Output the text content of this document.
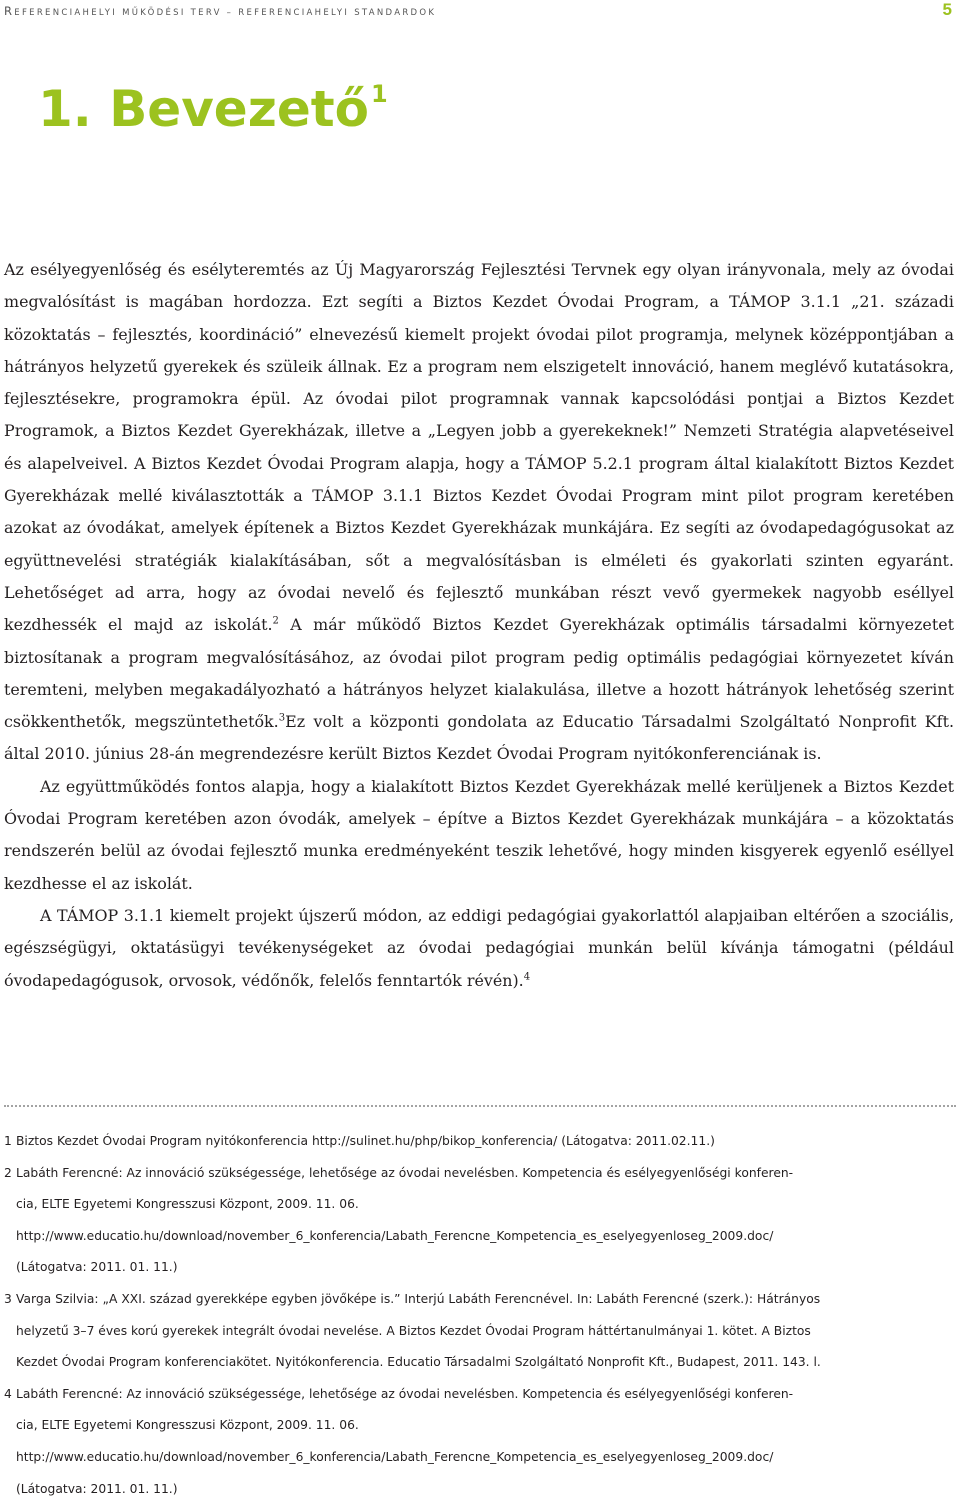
REFERENCIAHELYI MŰKÖDÉSI TERV – REFERENCIAHELYI STANDARDOK	5
1. Bevezető$^1$

Az esélyegyenlőség és esélyteremtés az Új Magyarország Fejlesztési Tervnek egy olyan irányvonala, mely az óvodai megvalósítást is magában hordozza. Ezt segíti a Biztos Kezdet Óvodai Program, a TÁMOP 3.1.1 „21. századi közoktatás – fejlesztés, koordináció” elnevezésű kiemelt projekt óvodai pilot programja, melynek középpontjában a hátrányos helyzetű gyerekek és szüleik állnak. Ez a program nem elszigetelt innováció, hanem meglévő kutatásokra, fejlesztésekre, programokra épül. Az óvodai pilot programnak vannak kapcsolódási pontjai a Biztos Kezdet Programok, a Biztos Kezdet Gyerekházak, illetve a „Legyen jobb a gyerekeknek!” Nemzeti Stratégia alapvetéseivel és alapelveivel. A Biztos Kezdet Óvodai Program alapja, hogy a TÁMOP 5.2.1 program által kialakított Biztos Kezdet Gyerekházak mellé kiválasztották a TÁMOP 3.1.1 Biztos Kezdet Óvodai Program mint pilot program keretében azokat az óvodákat, amelyek építenek a Biztos Kezdet Gyerekházak munkájára. Ez segíti az óvodapedagógusokat az együttnevelési stratégiák kialakításában, sőt a megvalósításban is elméleti és gyakorlati szinten egyaránt. Lehetőséget ad arra, hogy az óvodai nevelő és fejlesztő munkában részt vevő gyermekek nagyobb eséllyel kezdhessék el majd az iskolát.$^2$ A már működő Biztos Kezdet Gyerekházak optimális társadalmi környezetet biztosítanak a program megvalósításához, az óvodai pilot program pedig optimális pedagógiai környezetet kíván teremteni, melyben megakadályozható a hátrányos helyzet kialakulása, illetve a hozott hátrányok lehetőség szerint csökkenthetők, megszüntethetők.$^3$Ez volt a központi gondolata az Educatio Társadalmi Szolgáltató Nonprofit Kft. által 2010. június 28-án megrendezésre került Biztos Kezdet Óvodai Program nyitókonferenciának is.

Az együttműködés fontos alapja, hogy a kialakított Biztos Kezdet Gyerekházak mellé kerüljenek a Biztos Kezdet Óvodai Program keretében azon óvodák, amelyek – építve a Biztos Kezdet Gyerekházak munkájára – a közoktatás rendszerén belül az óvodai fejlesztő munka eredményeként teszik lehetővé, hogy minden kisgyerek egyenlő eséllyel kezdhesse el az iskolát.

A TÁMOP 3.1.1 kiemelt projekt újszerű módon, az eddigi pedagógiai gyakorlattól alapjaiban eltérően a szociális, egészségügyi, oktatásügyi tevékenységeket az óvodai pedagógiai munkán belül kívánja támogatni (például óvodapedagógusok, orvosok, védőnők, felelős fenntartók révén).$^4$

1 Biztos Kezdet Óvodai Program nyitókonferencia http://sulinet.hu/php/bikop_konferencia/ (Látogatva: 2011.02.11.)
2 Labáth Ferencné: Az innováció szükségessége, lehetősége az óvodai nevelésben. Kompetencia és esélyegyenlőségi konferen-
cia, ELTE Egyetemi Kongresszusi Központ, 2009. 11. 06.
http://www.educatio.hu/download/november_6_konferencia/Labath_Ferencne_Kompetencia_es_eselyegyenloseg_2009.doc/
(Látogatva: 2011. 01. 11.)
3 Varga Szilvia: „A XXI. század gyerekképe egyben jövőképe is.” Interjú Labáth Ferencnével. In: Labáth Ferencné (szerk.): Hátrányos
helyzetű 3–7 éves korú gyerekek integrált óvodai nevelése. A Biztos Kezdet Óvodai Program háttértanulmányai 1. kötet. A Biztos
Kezdet Óvodai Program konferenciakötet. Nyitókonferencia. Educatio Társadalmi Szolgáltató Nonprofit Kft., Budapest, 2011. 143. l.
4 Labáth Ferencné: Az innováció szükségessége, lehetősége az óvodai nevelésben. Kompetencia és esélyegyenlőségi konferen-
cia, ELTE Egyetemi Kongresszusi Központ, 2009. 11. 06.
http://www.educatio.hu/download/november_6_konferencia/Labath_Ferencne_Kompetencia_es_eselyegyenloseg_2009.doc/
(Látogatva: 2011. 01. 11.)
